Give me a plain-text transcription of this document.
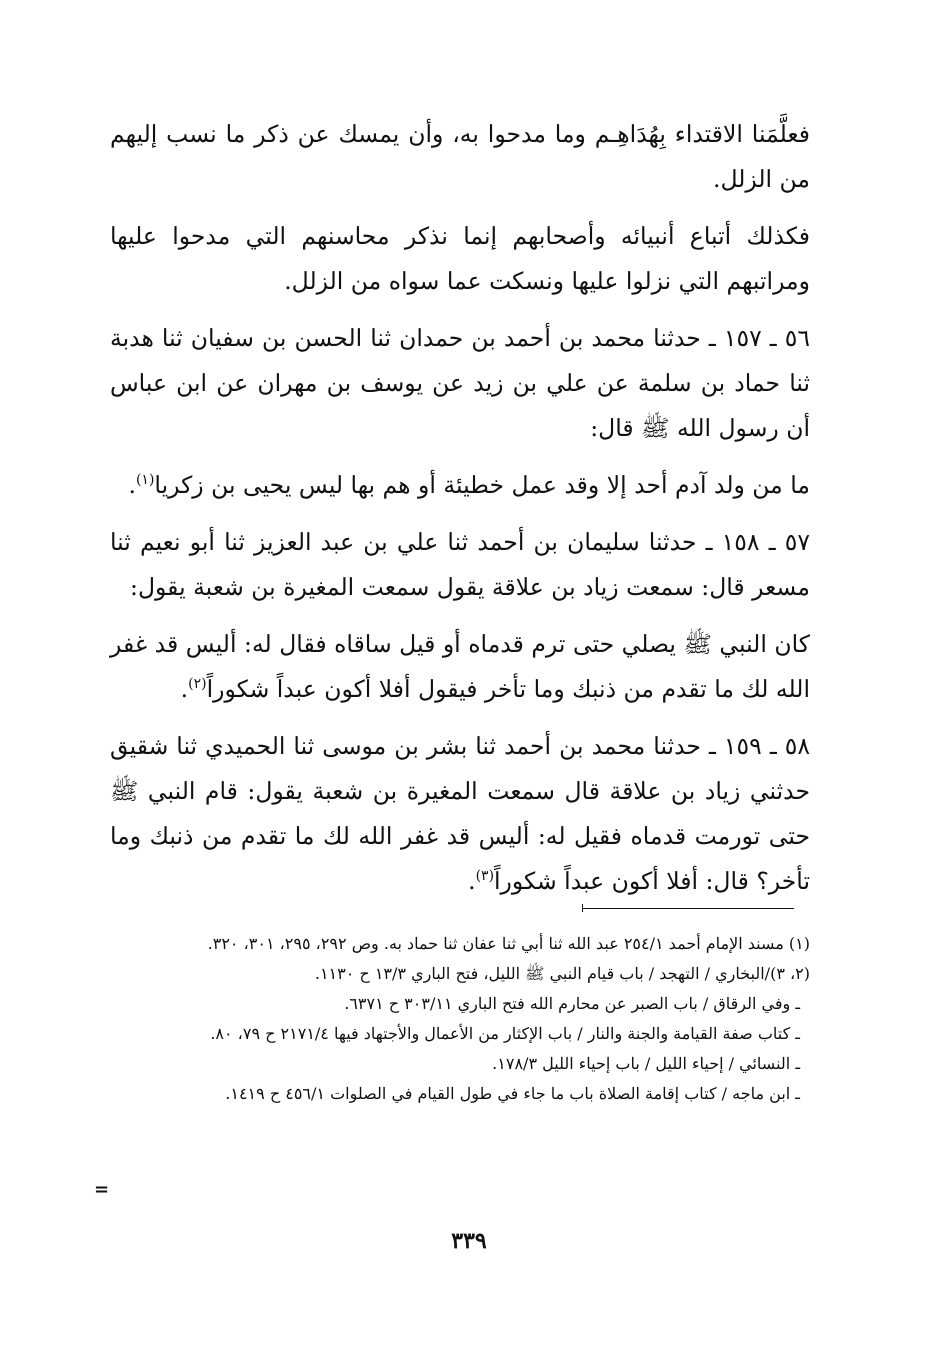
فعلَّمَنا الاقتداء بِهُدَاهِـم وما مدحوا به، وأن يمسك عن ذكر ما نسب إليهم من الزلل.

فكذلك أتباع أنبيائه وأصحابهم إنما نذكر محاسنهم التي مدحوا عليها ومراتبهم التي نزلوا عليها ونسكت عما سواه من الزلل.

٥٦ ـ ١٥٧ ـ حدثنا محمد بن أحمد بن حمدان ثنا الحسن بن سفيان ثنا هدبة ثنا حماد بن سلمة عن علي بن زيد عن يوسف بن مهران عن ابن عباس أن رسول الله ﷺ قال:

ما من ولد آدم أحد إلا وقد عمل خطيئة أو هم بها ليس يحيى بن زكريا$^{(١)}$.

٥٧ ـ ١٥٨ ـ حدثنا سليمان بن أحمد ثنا علي بن عبد العزيز ثنا أبو نعيم ثنا مسعر قال: سمعت زياد بن علاقة يقول سمعت المغيرة بن شعبة يقول:

كان النبي ﷺ يصلي حتى ترم قدماه أو قيل ساقاه فقال له: أليس قد غفر الله لك ما تقدم من ذنبك وما تأخر فيقول أفلا أكون عبداً شكوراً$^{(٢)}$.

٥٨ ـ ١٥٩ ـ حدثنا محمد بن أحمد ثنا بشر بن موسى ثنا الحميدي ثنا شقيق حدثني زياد بن علاقة قال سمعت المغيرة بن شعبة يقول: قام النبي ﷺ حتى تورمت قدماه فقيل له: أليس قد غفر الله لك ما تقدم من ذنبك وما تأخر؟ قال: أفلا أكون عبداً شكوراً$^{(٣)}$.

(١) مسند الإمام أحمد ٢٥٤/١ عبد الله ثنا أبي ثنا عفان ثنا حماد به. وص ٢٩٢، ٢٩٥، ٣٠١، ٣٢٠.

(٢، ٣)/البخاري / التهجد / باب قيام النبي ﷺ الليل، فتح الباري ١٣/٣ ح ١١٣٠.

ـ وفي الرقاق / باب الصبر عن محارم الله فتح الباري ٣٠٣/١١ ح ٦٣٧١.

ـ كتاب صفة القيامة والجنة والنار / باب الإكثار من الأعمال والأجتهاد فيها ٢١٧١/٤ ح ٧٩، ٨٠.

ـ النسائي / إحياء الليل / باب إحياء الليل ١٧٨/٣.

ـ ابن ماجه / كتاب إقامة الصلاة باب ما جاء في طول القيام في الصلوات ٤٥٦/١ ح ١٤١٩.

=
٣٣٩
